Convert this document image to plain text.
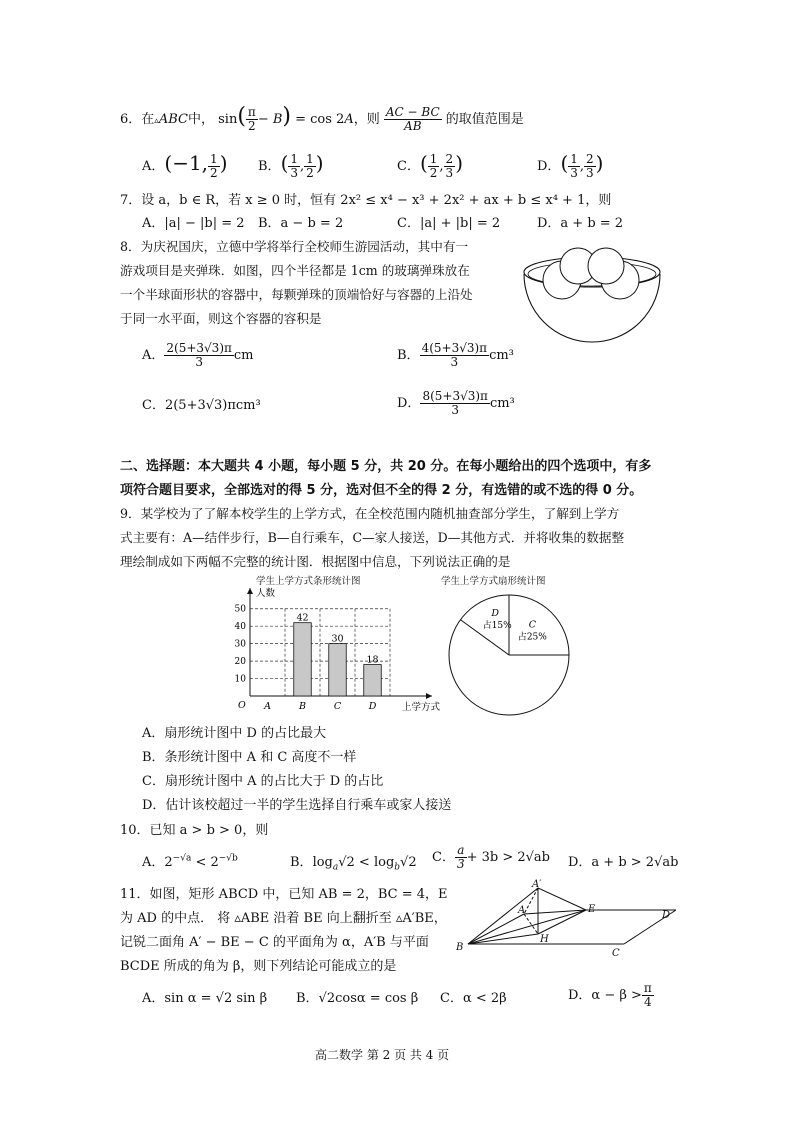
6．在▵ABC中， $\sin( \frac{\pi}{2} - B) = \cos 2A$，则 $\frac{AC - BC}{AB}$ 的取值范围是
A．(−1, $\frac{1}{2}$ ) B．( $\frac{1}{3}$ , $\frac{1}{2}$ )	C．( $\frac{1}{2}$ , $\frac{2}{3}$ )	D．( $\frac{1}{3}$ , $\frac{2}{3}$ )
7．设 a，b ∈ R，若 x ≥ 0 时，恒有 2x² ≤ x⁴ − x³ + 2x² + ax + b ≤ x⁴ + 1，则
A．|a| − |b| = 2 B．a − b = 2	C．|a| + |b| = 2	D．a + b = 2
8．为庆祝国庆，立德中学将举行全校师生游园活动，其中有一
游戏项目是夹弹珠．如图，四个半径都是 1cm 的玻璃弹珠放在
一个半球面形状的容器中，每颗弹珠的顶端恰好与容器的上沿处
于同一水平面，则这个容器的容积是
A． $\frac{2(5+3√3)\pi}{3}$ cm	B． $\frac{4(5+3√3)\pi}{3} cm^3$
C．2(5+3√3)πcm³	D． $\frac{8(5+3√3)\pi}{3} cm^3$
二、选择题：本大题共 4 小题，每小题 5 分，共 20 分。在每小题给出的四个选项中，有多
项符合题目要求，全部选对的得 5 分，选对但不全的得 2 分，有选错的或不选的得 0 分。
9．某学校为了了解本校学生的上学方式，在全校范围内随机抽查部分学生，了解到上学方
式主要有：A—结伴步行，B—自行乘车，C—家人接送，D—其他方式．并将收集的数据整
理绘制成如下两幅不完整的统计图．根据图中信息，下列说法正确的是
学生上学方式条形统计图	学生上学方式扇形统计图
10
20
30
40
50
人数
上学方式
O A	B
42
C
30
D
18
D
占15% C
占25%
A．扇形统计图中 D 的占比最大
B．条形统计图中 A 和 C 高度不一样
C．扇形统计图中 A 的占比大于 D 的占比
D．估计该校超过一半的学生选择自行乘车或家人接送
10．已知 a > b > 0，则
A．$2^{-√a} < 2^{-√b}$	B．$\log_a√2 < \log_b√2$ C． $\frac{a}{3} + 3b > 2√ab$ D．a + b > 2√ab
11．如图，矩形 ABCD 中，已知 AB = 2，BC = 4，E
为 AD 的中点． 将 ▵ABE 沿着 BE 向上翻折至 ▵A′BE，
记锐二面角 A′ − BE − C 的平面角为 α，A′B 与平面
BCDE 所成的角为 β，则下列结论可能成立的是
A′
A	E
D
B
H
C
A．sin α = √2 sin β B．√2cosα = cos β C．α < 2β	D．$\alpha - \beta > \frac{\pi}{4}$
高二数学 第 2 页 共 4 页
